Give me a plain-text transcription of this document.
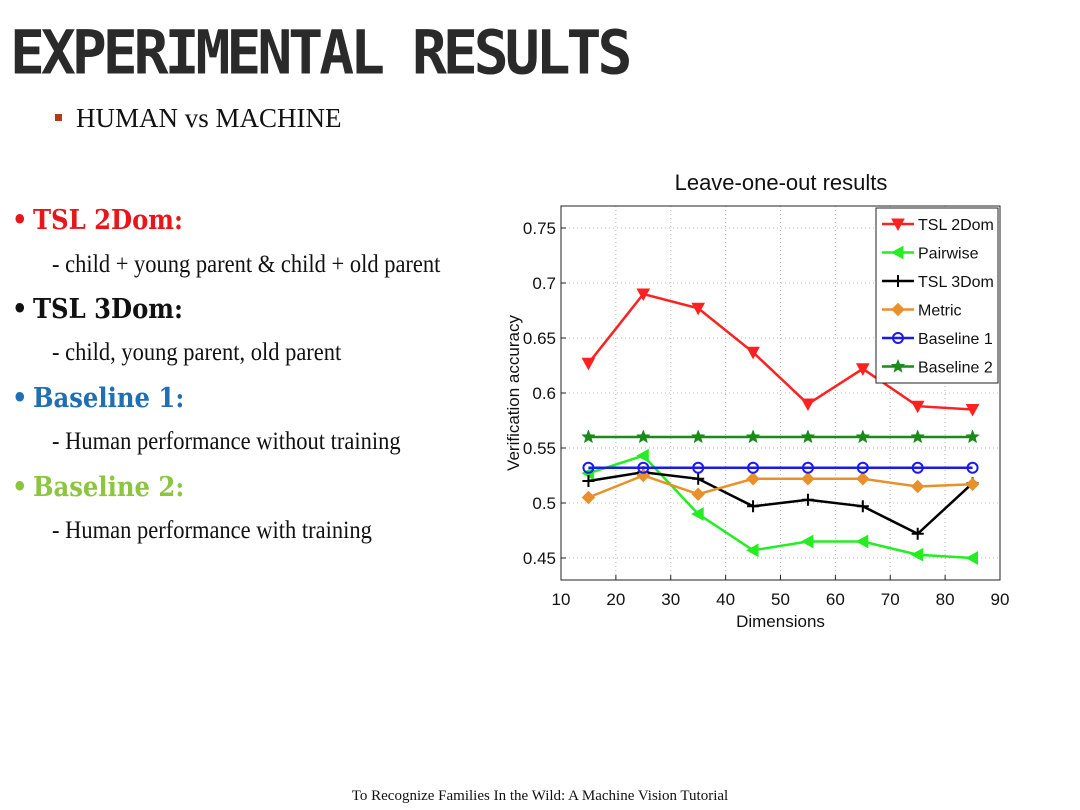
EXPERIMENTAL RESULTS
HUMAN vs MACHINE
• TSL 2Dom:
- child + young parent & child + old parent
• TSL 3Dom:
- child, young parent, old parent
• Baseline 1:
- Human performance without training
• Baseline 2:
- Human performance with training
Leave-one-out results
10 20 30 40 50 60 70 80 90
0.45
0.5
0.55
0.6
0.65
0.7
0.75
Dimensions
Verification accuracy
TSL 2Dom
Pairwise
TSL 3Dom
Metric
Baseline 1
Baseline 2
To Recognize Families In the Wild: A Machine Vision Tutorial
